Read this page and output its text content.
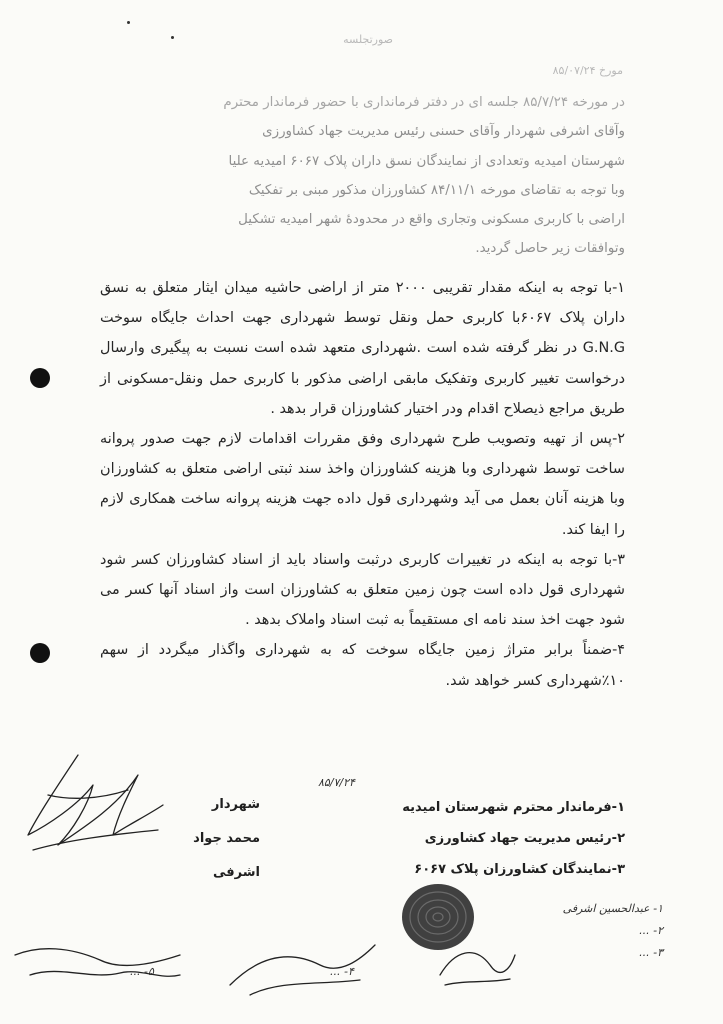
صورتجلسه
مورخ ۸۵/۰۷/۲۴
در مورخه ۸۵/۷/۲۴ جلسه ای در دفتر فرمانداری با حضور فرماندار محترم
وآقای اشرفی شهردار وآقای حسنی رئیس مدیریت جهاد کشاورزی
شهرستان امیدیه وتعدادی از نمایندگان نسق داران پلاک ۶۰۶۷ امیدیه علیا
وبا توجه به تقاضای مورخه ۸۴/۱۱/۱ کشاورزان مذکور مبنی بر تفکیک
اراضی با کاربری مسکونی وتجاری واقع در محدودهٔ شهر امیدیه تشکیل
وتوافقات زیر حاصل گردید.

۱-با توجه به اینکه مقدار تقریبی ۲۰۰۰ متر از اراضی حاشیه میدان ایثار متعلق به نسق داران پلاک ۶۰۶۷با کاربری حمل ونقل توسط شهرداری جهت احداث جایگاه سوخت G.N.G در نظر گرفته شده است .شهرداری متعهد شده است نسبت به پیگیری وارسال درخواست تغییر کاربری وتفکیک مابقی اراضی مذکور با کاربری حمل ونقل-مسکونی از طریق مراجع ذیصلاح اقدام ودر اختیار کشاورزان قرار بدهد .

۲-پس از تهیه وتصویب طرح شهرداری وفق مقررات اقدامات لازم جهت صدور پروانه ساخت توسط شهرداری وبا هزینه کشاورزان واخذ سند ثبتی اراضی متعلق به کشاورزان وبا هزینه آنان بعمل می آید وشهرداری قول داده جهت هزینه پروانه ساخت همکاری لازم را ایفا کند.

۳-با توجه به اینکه در تغییرات کاربری درثبت واسناد باید از اسناد کشاورزان کسر شود شهرداری قول داده است چون زمین متعلق به کشاورزان است واز اسناد آنها کسر می شود جهت اخذ سند نامه ای مستقیماً به ثبت اسناد واملاک بدهد .

۴-ضمناً برابر متراژ زمین جایگاه سوخت که به شهرداری واگذار میگردد از سهم ۱۰٪شهرداری کسر خواهد شد.

۱-فرماندار محترم شهرستان امیدیه
۲-رئیس مدیریت جهاد کشاورزی
۳-نمایندگان کشاورزان پلاک ۶۰۶۷
شهردار
محمد جواد اشرفی
۸۵/۷/۲۴
۱- عبدالحسین اشرفی
۲- ...
۳- ...
۴- ...
۵- ...
